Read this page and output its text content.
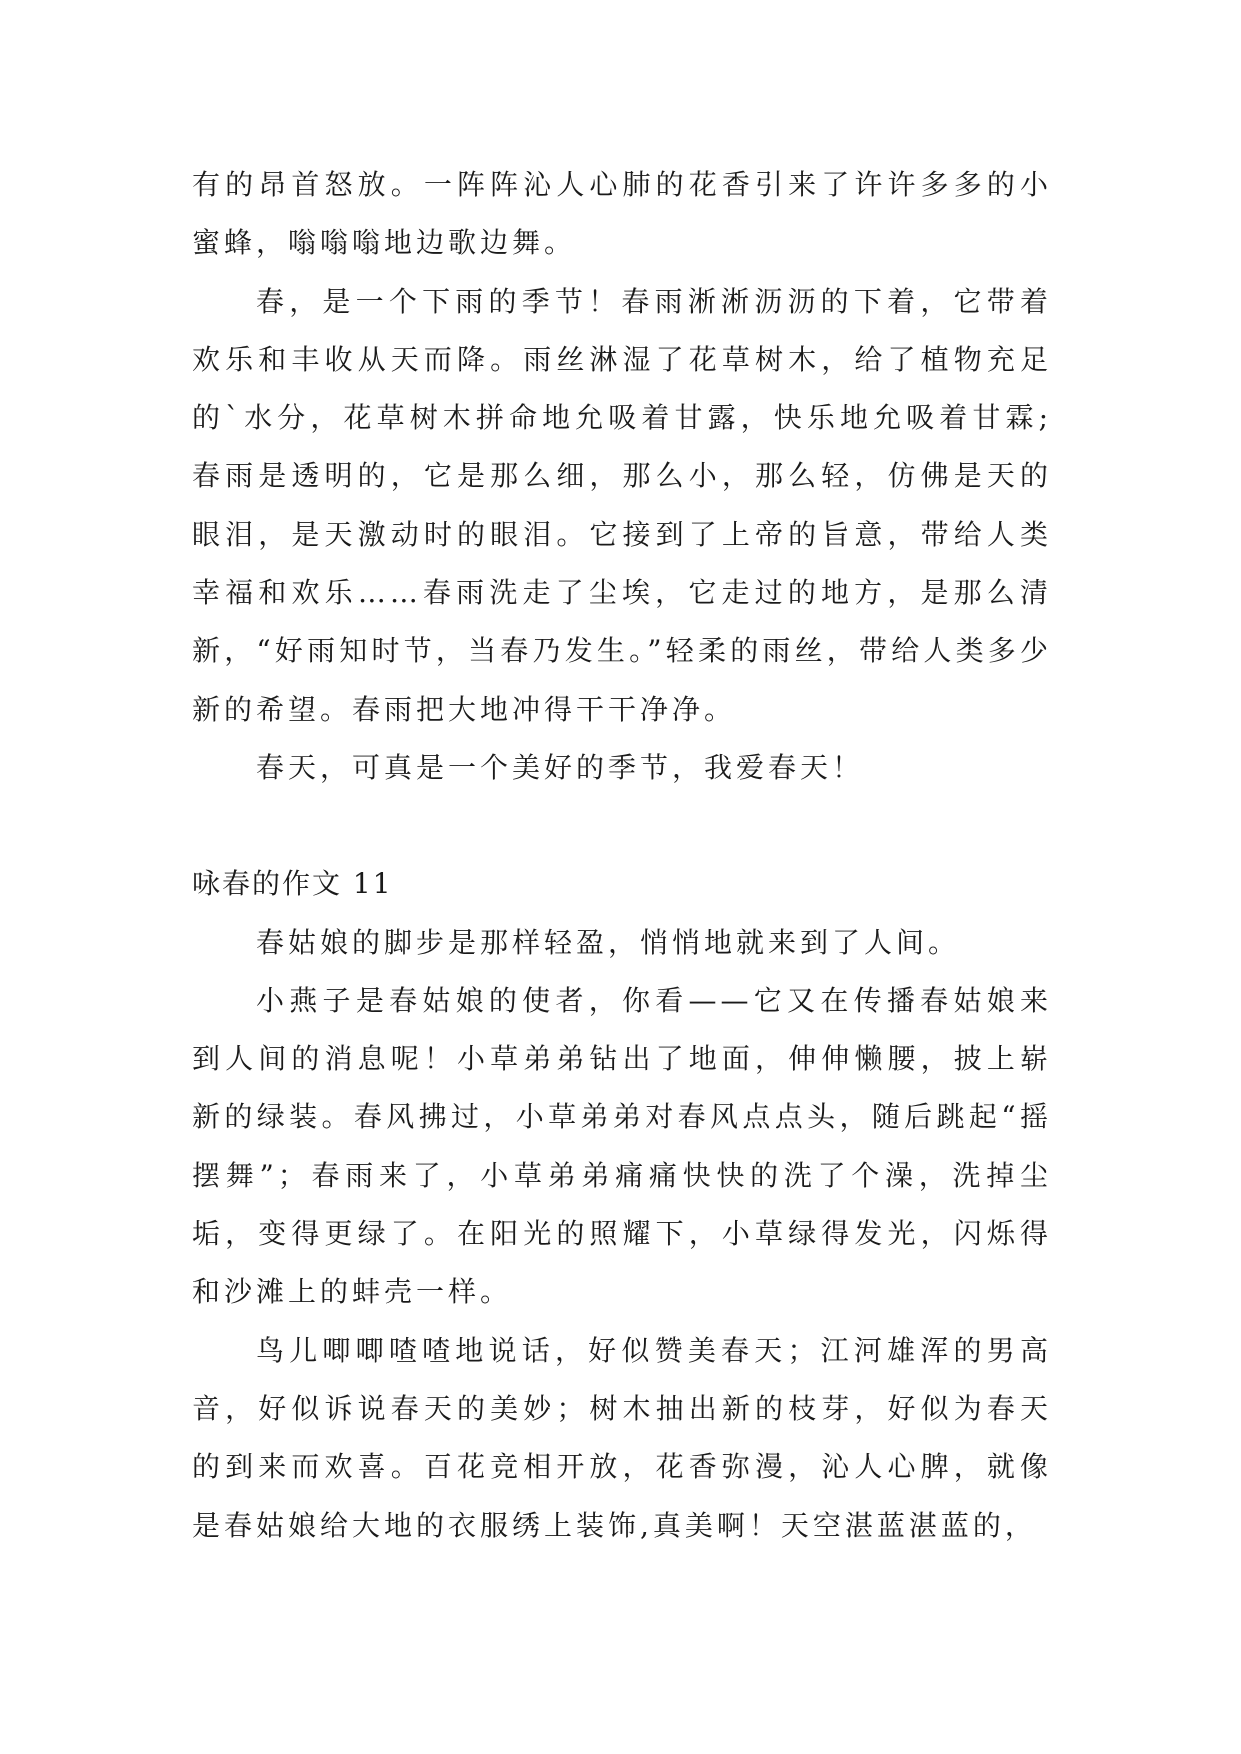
有的昂首怒放。一阵阵沁人心肺的花香引来了许许多多的小蜜蜂，嗡嗡嗡地边歌边舞。

春，是一个下雨的季节！春雨淅淅沥沥的下着，它带着欢乐和丰收从天而降。雨丝淋湿了花草树木，给了植物充足的`水分，花草树木拼命地允吸着甘露，快乐地允吸着甘霖;春雨是透明的，它是那么细，那么小，那么轻，仿佛是天的眼泪，是天激动时的眼泪。它接到了上帝的旨意，带给人类幸福和欢乐……春雨洗走了尘埃，它走过的地方，是那么清新，“好雨知时节，当春乃发生。”轻柔的雨丝，带给人类多少新的希望。春雨把大地冲得干干净净。

春天，可真是一个美好的季节，我爱春天！

咏春的作文 11

春姑娘的脚步是那样轻盈，悄悄地就来到了人间。

小燕子是春姑娘的使者，你看——它又在传播春姑娘来到人间的消息呢！小草弟弟钻出了地面，伸伸懒腰，披上崭新的绿装。春风拂过，小草弟弟对春风点点头，随后跳起“摇摆舞”；春雨来了，小草弟弟痛痛快快的洗了个澡，洗掉尘垢，变得更绿了。在阳光的照耀下，小草绿得发光，闪烁得和沙滩上的蚌壳一样。

鸟儿唧唧喳喳地说话，好似赞美春天；江河雄浑的男高音，好似诉说春天的美妙；树木抽出新的枝芽，好似为春天的到来而欢喜。百花竞相开放，花香弥漫，沁人心脾，就像是春姑娘给大地的衣服绣上装饰,真美啊！天空湛蓝湛蓝的，
